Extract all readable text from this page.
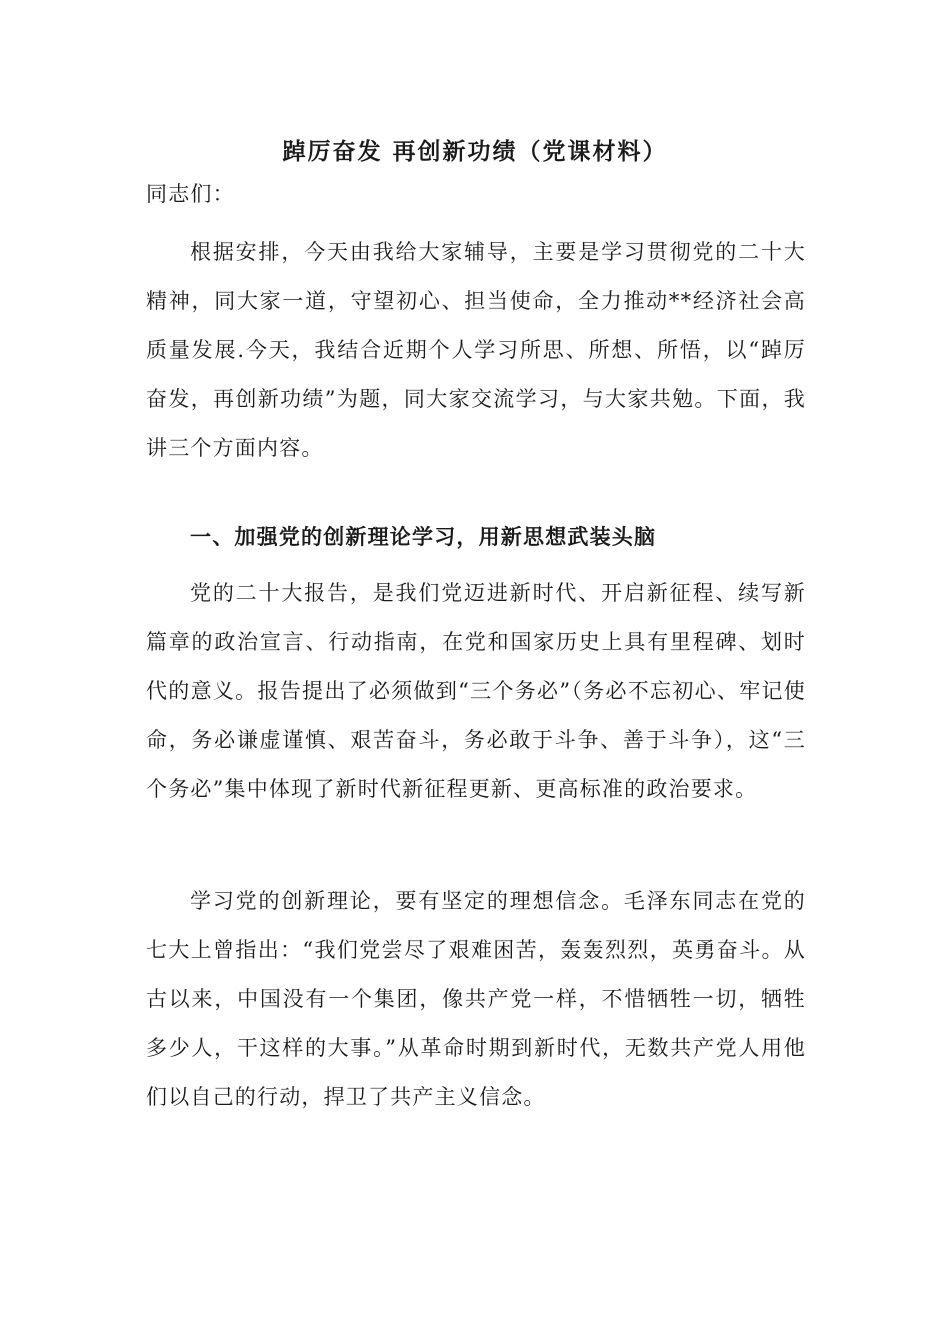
踔厉奋发 再创新功绩（党课材料）

同志们：

根据安排，今天由我给大家辅导，主要是学习贯彻党的二十大精神，同大家一道，守望初心、担当使命，全力推动**经济社会高质量发展.今天，我结合近期个人学习所思、所想、所悟，以“踔厉奋发，再创新功绩”为题，同大家交流学习，与大家共勉。下面，我讲三个方面内容。

一、加强党的创新理论学习，用新思想武装头脑

党的二十大报告，是我们党迈进新时代、开启新征程、续写新篇章的政治宣言、行动指南，在党和国家历史上具有里程碑、划时代的意义。报告提出了必须做到“三个务必”（务必不忘初心、牢记使命，务必谦虚谨慎、艰苦奋斗，务必敢于斗争、善于斗争），这“三个务必”集中体现了新时代新征程更新、更高标准的政治要求。

学习党的创新理论，要有坚定的理想信念。毛泽东同志在党的七大上曾指出：“我们党尝尽了艰难困苦，轰轰烈烈，英勇奋斗。从古以来，中国没有一个集团，像共产党一样，不惜牺牲一切，牺牲多少人，干这样的大事。”从革命时期到新时代，无数共产党人用他们以自己的行动，捍卫了共产主义信念。
